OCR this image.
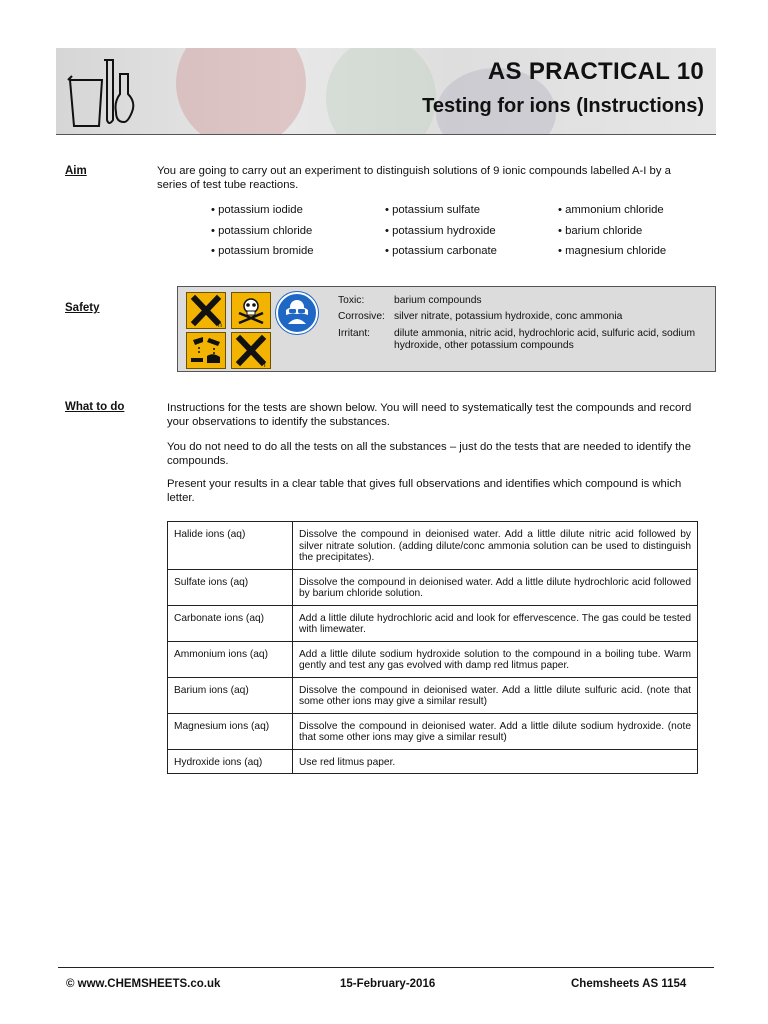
AS PRACTICAL 10
Testing for ions (Instructions)
Aim	You are going to carry out an experiment to distinguish solutions of 9 ionic compounds labelled A-I by a series of test tube reactions.
• potassium iodide
• potassium chloride
• potassium bromide
• potassium sulfate
• potassium hydroxide
• potassium carbonate
• ammonium chloride
• barium chloride
• magnesium chloride
Safety
h
i
Toxic:	barium compounds
Corrosive: silver nitrate, potassium hydroxide, conc ammonia
Irritant: dilute ammonia, nitric acid, hydrochloric acid, sulfuric acid, sodium hydroxide, other potassium compounds
What to do	Instructions for the tests are shown below. You will need to systematically test the compounds and record your observations to identify the substances.
You do not need to do all the tests on all the substances – just do the tests that are needed to identify the compounds.
Present your results in a clear table that gives full observations and identifies which compound is which letter.
Halide ions (aq)	Dissolve the compound in deionised water. Add a little dilute nitric acid followed by silver nitrate solution. (adding dilute/conc ammonia solution can be used to distinguish the precipitates).
Sulfate ions (aq)	Dissolve the compound in deionised water. Add a little dilute hydrochloric acid followed by barium chloride solution.
Carbonate ions (aq)	Add a little dilute hydrochloric acid and look for effervescence. The gas could be tested with limewater.
Ammonium ions (aq)	Add a little dilute sodium hydroxide solution to the compound in a boiling tube. Warm gently and test any gas evolved with damp red litmus paper.
Barium ions (aq)	Dissolve the compound in deionised water. Add a little dilute sulfuric acid. (note that some other ions may give a similar result)
Magnesium ions (aq)	Dissolve the compound in deionised water. Add a little dilute sodium hydroxide. (note that some other ions may give a similar result)
Hydroxide ions (aq)	Use red litmus paper.
© www.CHEMSHEETS.co.uk	15-February-2016	Chemsheets AS 1154
